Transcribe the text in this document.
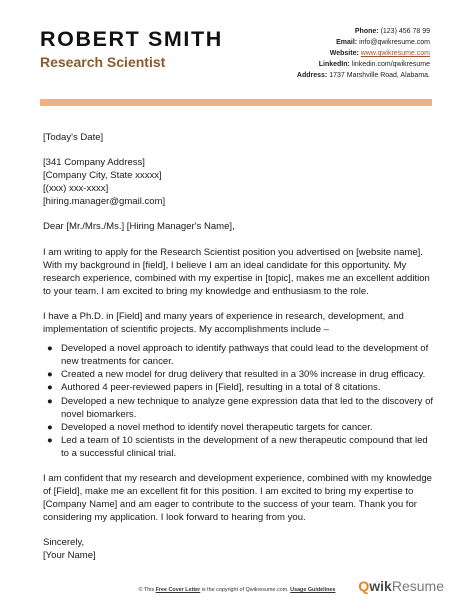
ROBERT SMITH
Research Scientist
Phone: (123) 456 78 99
Email: info@qwikresume.com
Website: www.qwikresume.com
LinkedIn: linkedin.com/qwikresume
Address: 1737 Marshville Road, Alabama.

[Today's Date]

[341 Company Address]
[Company City, State xxxxx]
[(xxx) xxx-xxxx]
[hiring.manager@gmail.com]

Dear [Mr./Mrs./Ms.] [Hiring Manager's Name],

I am writing to apply for the Research Scientist position you advertised on [website name]. With my background in [field], I believe I am an ideal candidate for this opportunity. My research experience, combined with my expertise in [topic], makes me an excellent addition to your team. I am excited to bring my knowledge and enthusiasm to the role.

I have a Ph.D. in [Field] and many years of experience in research, development, and implementation of scientific projects. My accomplishments include –

● Developed a novel approach to identify pathways that could lead to the development of new treatments for cancer.
● Created a new model for drug delivery that resulted in a 30% increase in drug efficacy.
● Authored 4 peer-reviewed papers in [Field], resulting in a total of 8 citations.
● Developed a new technique to analyze gene expression data that led to the discovery of novel biomarkers.
● Developed a novel method to identify novel therapeutic targets for cancer.
● Led a team of 10 scientists in the development of a new therapeutic compound that led to a successful clinical trial.

I am confident that my research and development experience, combined with my knowledge of [Field], make me an excellent fit for this position. I am excited to bring my expertise to [Company Name] and am eager to contribute to the success of your team. Thank you for considering my application. I look forward to hearing from you.

Sincerely,
[Your Name]

© This Free Cover Letter is the copyright of Qwikresume.com. Usage Guidelines	QwikResume
